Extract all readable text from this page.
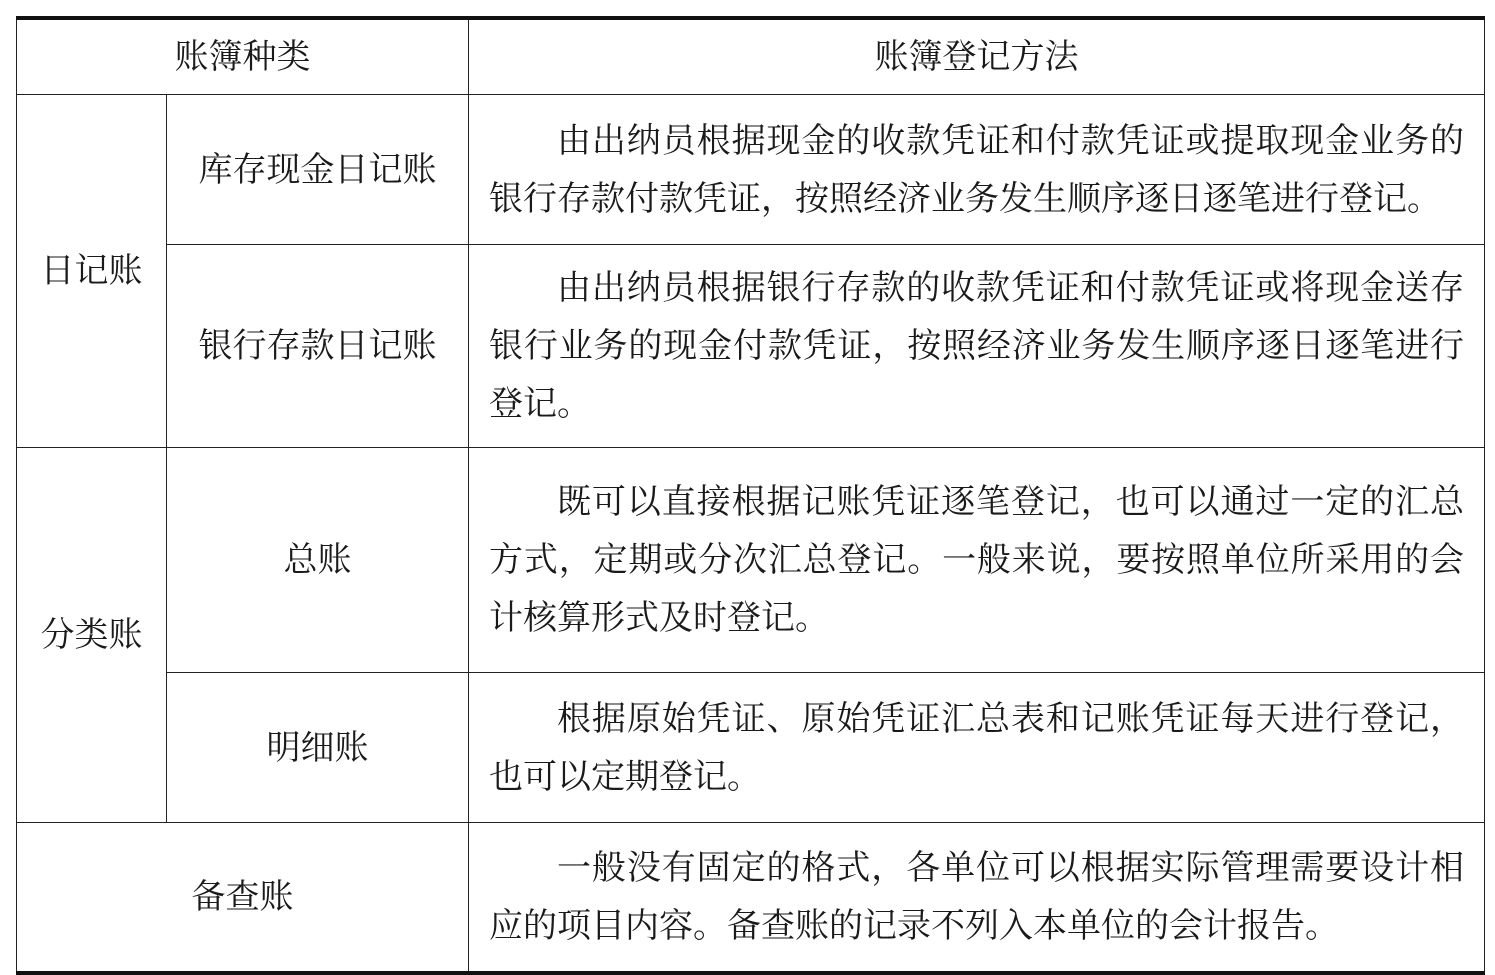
账簿种类		账簿登记方法
日记账	库存现金日记账	由出纳员根据现金的收款凭证和付款凭证或提取现金业务的银行存款付款凭证，按照经济业务发生顺序逐日逐笔进行登记。
	银行存款日记账	由出纳员根据银行存款的收款凭证和付款凭证或将现金送存银行业务的现金付款凭证，按照经济业务发生顺序逐日逐笔进行登记。
分类账	总账	既可以直接根据记账凭证逐笔登记，也可以通过一定的汇总方式，定期或分次汇总登记。一般来说，要按照单位所采用的会计核算形式及时登记。
	明细账	根据原始凭证、原始凭证汇总表和记账凭证每天进行登记，也可以定期登记。
备查账		一般没有固定的格式，各单位可以根据实际管理需要设计相应的项目内容。备查账的记录不列入本单位的会计报告。
